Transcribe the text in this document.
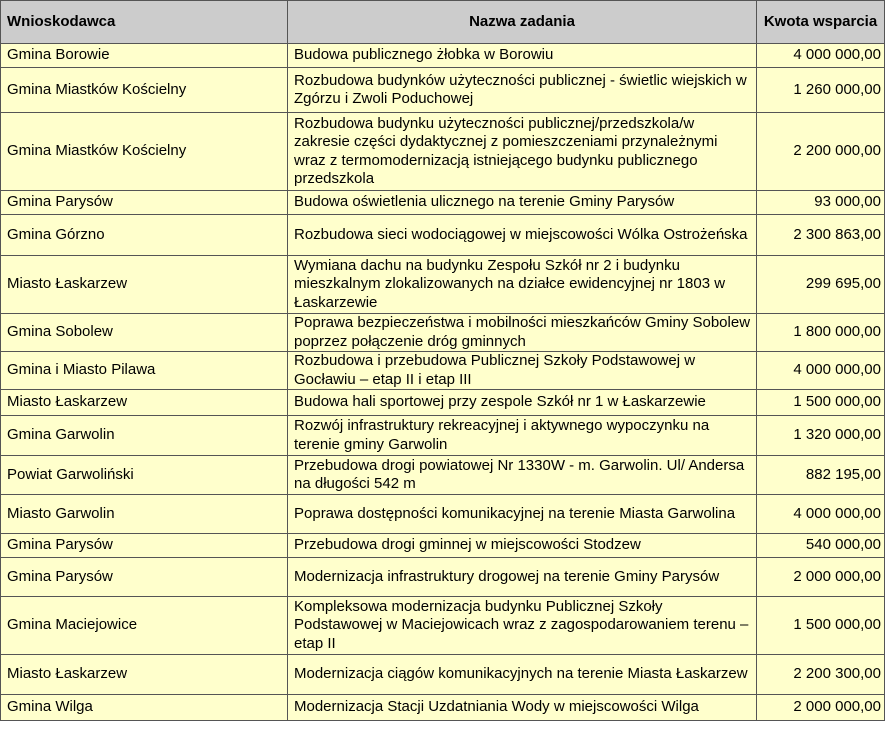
Wnioskodawca	Nazwa zadania	Kwota wsparcia
Gmina Borowie	Budowa publicznego żłobka w Borowiu	4 000 000,00
Gmina Miastków Kościelny	Rozbudowa budynków użyteczności publicznej - świetlic wiejskich w Zgórzu i Zwoli Poduchowej	1 260 000,00
Gmina Miastków Kościelny	Rozbudowa budynku użyteczności publicznej/przedszkola/w zakresie części dydaktycznej z pomieszczeniami przynależnymi wraz z termomodernizacją istniejącego budynku publicznego przedszkola	2 200 000,00
Gmina Parysów	Budowa oświetlenia ulicznego na terenie Gminy Parysów	93 000,00
Gmina Górzno	Rozbudowa sieci wodociągowej w miejscowości Wólka Ostrożeńska	2 300 863,00
Miasto Łaskarzew	Wymiana dachu na budynku Zespołu Szkół nr 2 i budynku mieszkalnym zlokalizowanych na działce ewidencyjnej nr 1803 w Łaskarzewie	299 695,00
Gmina Sobolew	Poprawa bezpieczeństwa i mobilności mieszkańców Gminy Sobolew poprzez połączenie dróg gminnych	1 800 000,00
Gmina i Miasto Pilawa	Rozbudowa i przebudowa Publicznej Szkoły Podstawowej w Gocławiu – etap II i etap III	4 000 000,00
Miasto Łaskarzew	Budowa hali sportowej przy zespole Szkół nr 1 w Łaskarzewie	1 500 000,00
Gmina Garwolin	Rozwój infrastruktury rekreacyjnej i aktywnego wypoczynku na terenie gminy Garwolin	1 320 000,00
Powiat Garwoliński	Przebudowa drogi powiatowej Nr 1330W - m. Garwolin. Ul/ Andersa na długości 542 m	882 195,00
Miasto Garwolin	Poprawa dostępności komunikacyjnej na terenie Miasta Garwolina	4 000 000,00
Gmina Parysów	Przebudowa drogi gminnej w miejscowości Stodzew	540 000,00
Gmina Parysów	Modernizacja infrastruktury drogowej na terenie Gminy Parysów	2 000 000,00
Gmina Maciejowice	Kompleksowa modernizacja budynku Publicznej Szkoły Podstawowej w Maciejowicach wraz z zagospodarowaniem terenu – etap II	1 500 000,00
Miasto Łaskarzew	Modernizacja ciągów komunikacyjnych na terenie Miasta Łaskarzew	2 200 300,00
Gmina Wilga	Modernizacja Stacji Uzdatniania Wody w miejscowości Wilga	2 000 000,00
